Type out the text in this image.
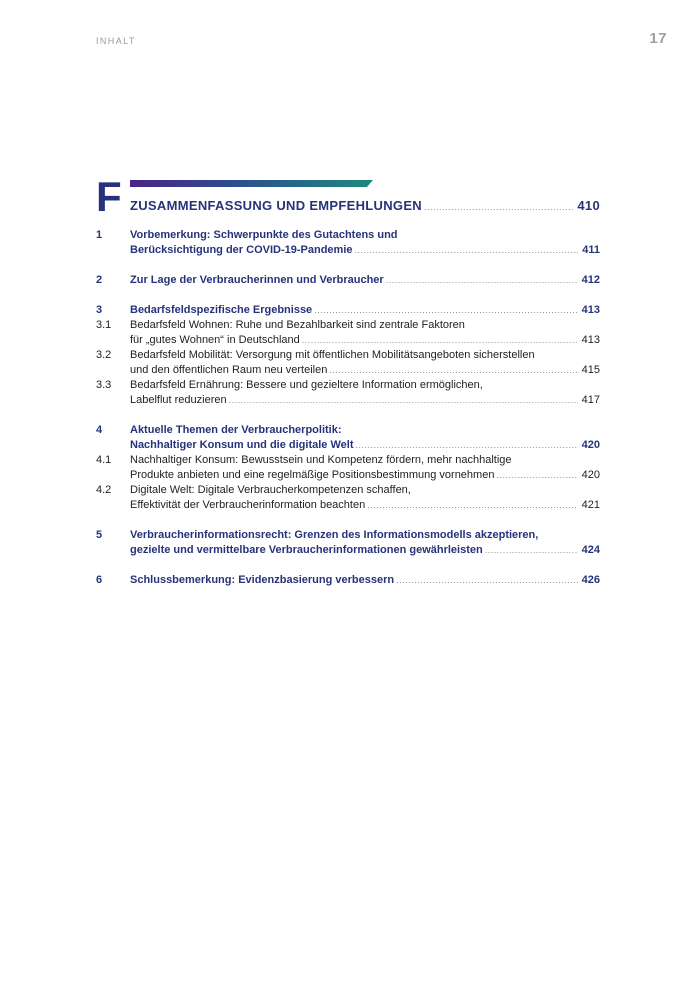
INHALT	17
F ZUSAMMENFASSUNG UND EMPFEHLUNGEN .....	410
1	Vorbemerkung: Schwerpunkte des Gutachtens und
Berücksichtigung der COVID-19-Pandemie .....	411
2	Zur Lage der Verbraucherinnen und Verbraucher .....	412
3	Bedarfsfeldspezifische Ergebnisse .....	413
3.1	Bedarfsfeld Wohnen: Ruhe und Bezahlbarkeit sind zentrale Faktoren
für „gutes Wohnen“ in Deutschland .....	413
3.2	Bedarfsfeld Mobilität: Versorgung mit öffentlichen Mobilitätsangeboten sicherstellen
und den öffentlichen Raum neu verteilen .....	415
3.3	Bedarfsfeld Ernährung: Bessere und gezieltere Information ermöglichen,
Labelflut reduzieren .....	417
4	Aktuelle Themen der Verbraucherpolitik:
Nachhaltiger Konsum und die digitale Welt .....	420
4.1	Nachhaltiger Konsum: Bewusstsein und Kompetenz fördern, mehr nachhaltige
Produkte anbieten und eine regelmäßige Positionsbestimmung vornehmen .....	420
4.2	Digitale Welt: Digitale Verbraucherkompetenzen schaffen,
Effektivität der Verbraucherinformation beachten .....	421
5	Verbraucherinformationsrecht: Grenzen des Informationsmodells akzeptieren,
gezielte und vermittelbare Verbraucherinformationen gewährleisten .....	424
6	Schlussbemerkung: Evidenzbasierung verbessern .....	426
